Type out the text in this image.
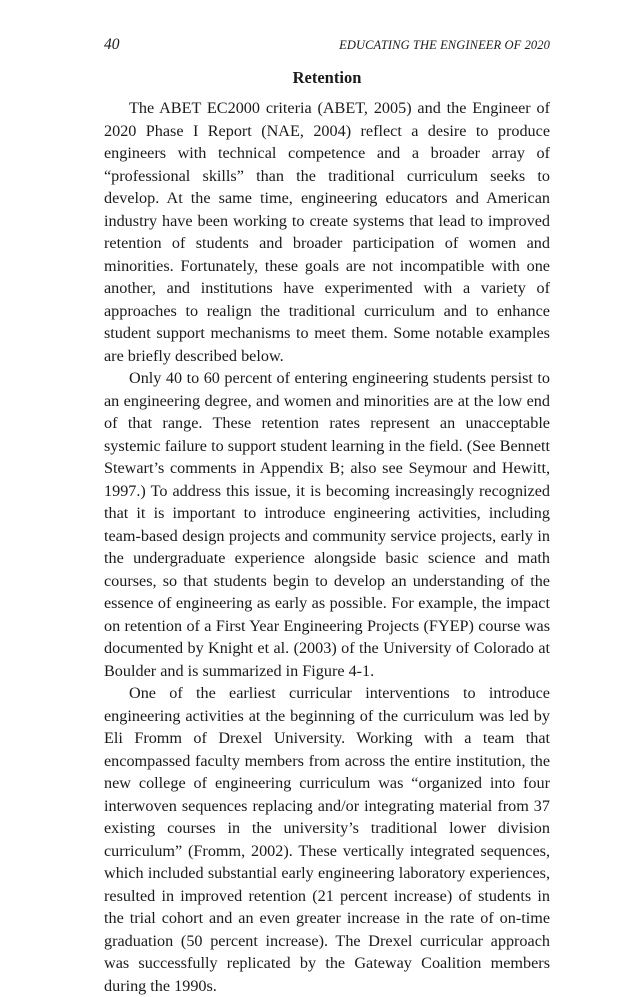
40	EDUCATING THE ENGINEER OF 2020
Retention

The ABET EC2000 criteria (ABET, 2005) and the Engineer of 2020 Phase I Report (NAE, 2004) reflect a desire to produce engineers with technical competence and a broader array of “professional skills” than the traditional curriculum seeks to develop. At the same time, engineering educators and American industry have been working to create systems that lead to improved retention of students and broader participation of women and minorities. Fortunately, these goals are not incompatible with one another, and institutions have experimented with a variety of approaches to realign the traditional curriculum and to enhance student support mechanisms to meet them. Some notable examples are briefly described below.

Only 40 to 60 percent of entering engineering students persist to an engineering degree, and women and minorities are at the low end of that range. These retention rates represent an unacceptable systemic failure to support student learning in the field. (See Bennett Stewart’s comments in Appendix B; also see Seymour and Hewitt, 1997.) To address this issue, it is becoming increasingly recognized that it is important to introduce engineering activities, including team-based design projects and community service projects, early in the undergraduate experience alongside basic science and math courses, so that students begin to develop an understanding of the essence of engineering as early as possible. For example, the impact on retention of a First Year Engineering Projects (FYEP) course was documented by Knight et al. (2003) of the University of Colorado at Boulder and is summarized in Figure 4-1.

One of the earliest curricular interventions to introduce engineering activities at the beginning of the curriculum was led by Eli Fromm of Drexel University. Working with a team that encompassed faculty members from across the entire institution, the new college of engineering curriculum was “organized into four interwoven sequences replacing and/or integrating material from 37 existing courses in the university’s traditional lower division curriculum” (Fromm, 2002). These vertically integrated sequences, which included substantial early engineering laboratory experiences, resulted in improved retention (21 percent increase) of students in the trial cohort and an even greater increase in the rate of on-time graduation (50 percent increase). The Drexel curricular approach was successfully replicated by the Gateway Coalition members during the 1990s.
